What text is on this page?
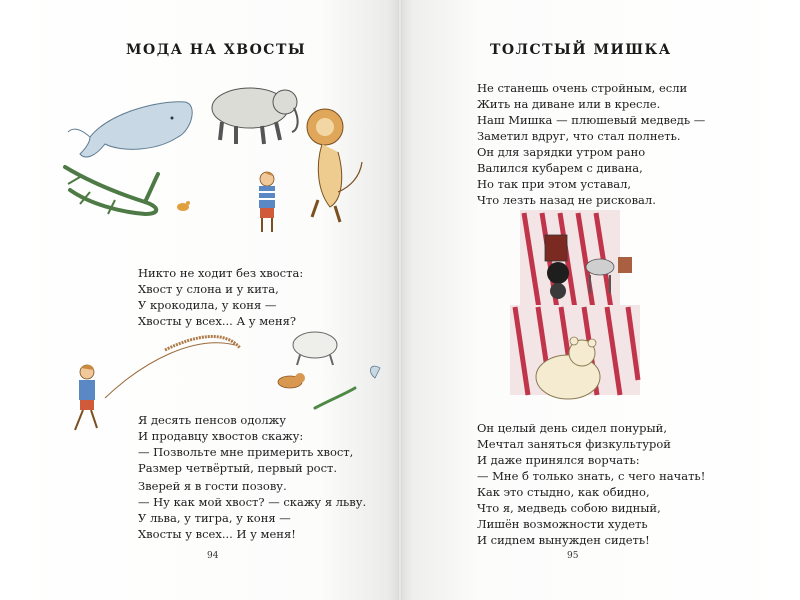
МОДА НА ХВОСТЫ
Никто не ходит без хвоста:
Хвост у слона и у кита,
У крокодила, у коня —
Хвосты у всех... А у меня?
Я десять пенсов одолжу
И продавцу хвостов скажу:
— Позвольте мне примерить хвост,
Размер четвёртый, первый рост.
Зверей я в гости позову.
— Ну как мой хвост? — скажу я льву.
У льва, у тигра, у коня —
Хвосты у всех... И у меня!
94
ТОЛСТЫЙ МИШКА
Не станешь очень стройным, если
Жить на диване или в кресле.
Наш Мишка — плюшевый медведь —
Заметил вдруг, что стал полнеть.
Он для зарядки утром рано
Валился кубарем с дивана,
Но так при этом уставал,
Что лезть назад не рисковал.
Он целый день сидел понурый,
Мечтал заняться физкультурой
И даже принялся ворчать:
— Мне б только знать, с чего начать!
Как это стыдно, как обидно,
Что я, медведь собою видный,
Лишён возможности худеть
И сидnем вынужден сидеть!
95
